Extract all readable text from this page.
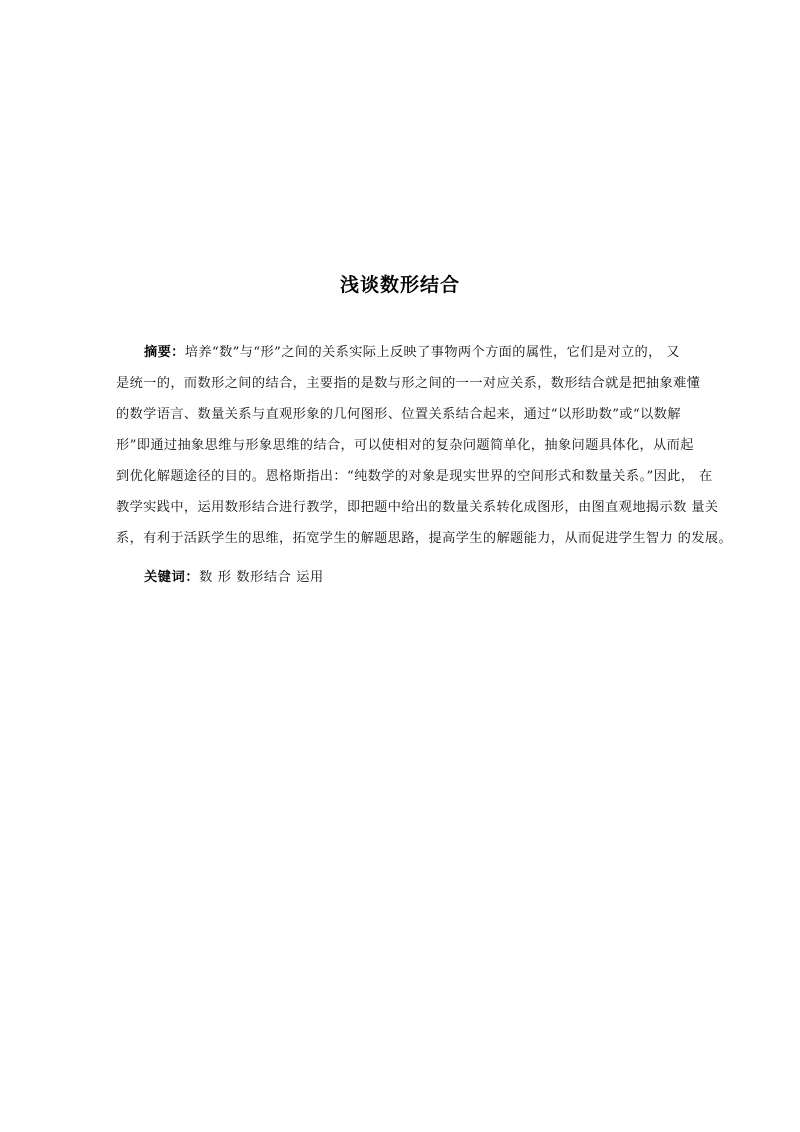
浅谈数形结合
摘要：培养“数”与“形”之间的关系实际上反映了事物两个方面的属性，它们是对立的， 又
是统一的，而数形之间的结合，主要指的是数与形之间的一一对应关系，数形结合就是把抽象难懂
的数学语言、数量关系与直观形象的几何图形、位置关系结合起来，通过“以形助数”或“以数解
形”即通过抽象思维与形象思维的结合，可以使相对的复杂问题简单化，抽象问题具体化，从而起
到优化解题途径的目的。恩格斯指出：“纯数学的对象是现实世界的空间形式和数量关系。”因此， 在
教学实践中，运用数形结合进行教学，即把题中给出的数量关系转化成图形，由图直观地揭示数 量关
系，有利于活跃学生的思维，拓宽学生的解题思路，提高学生的解题能力，从而促进学生智力 的发展。
关键词：数 形 数形结合 运用
